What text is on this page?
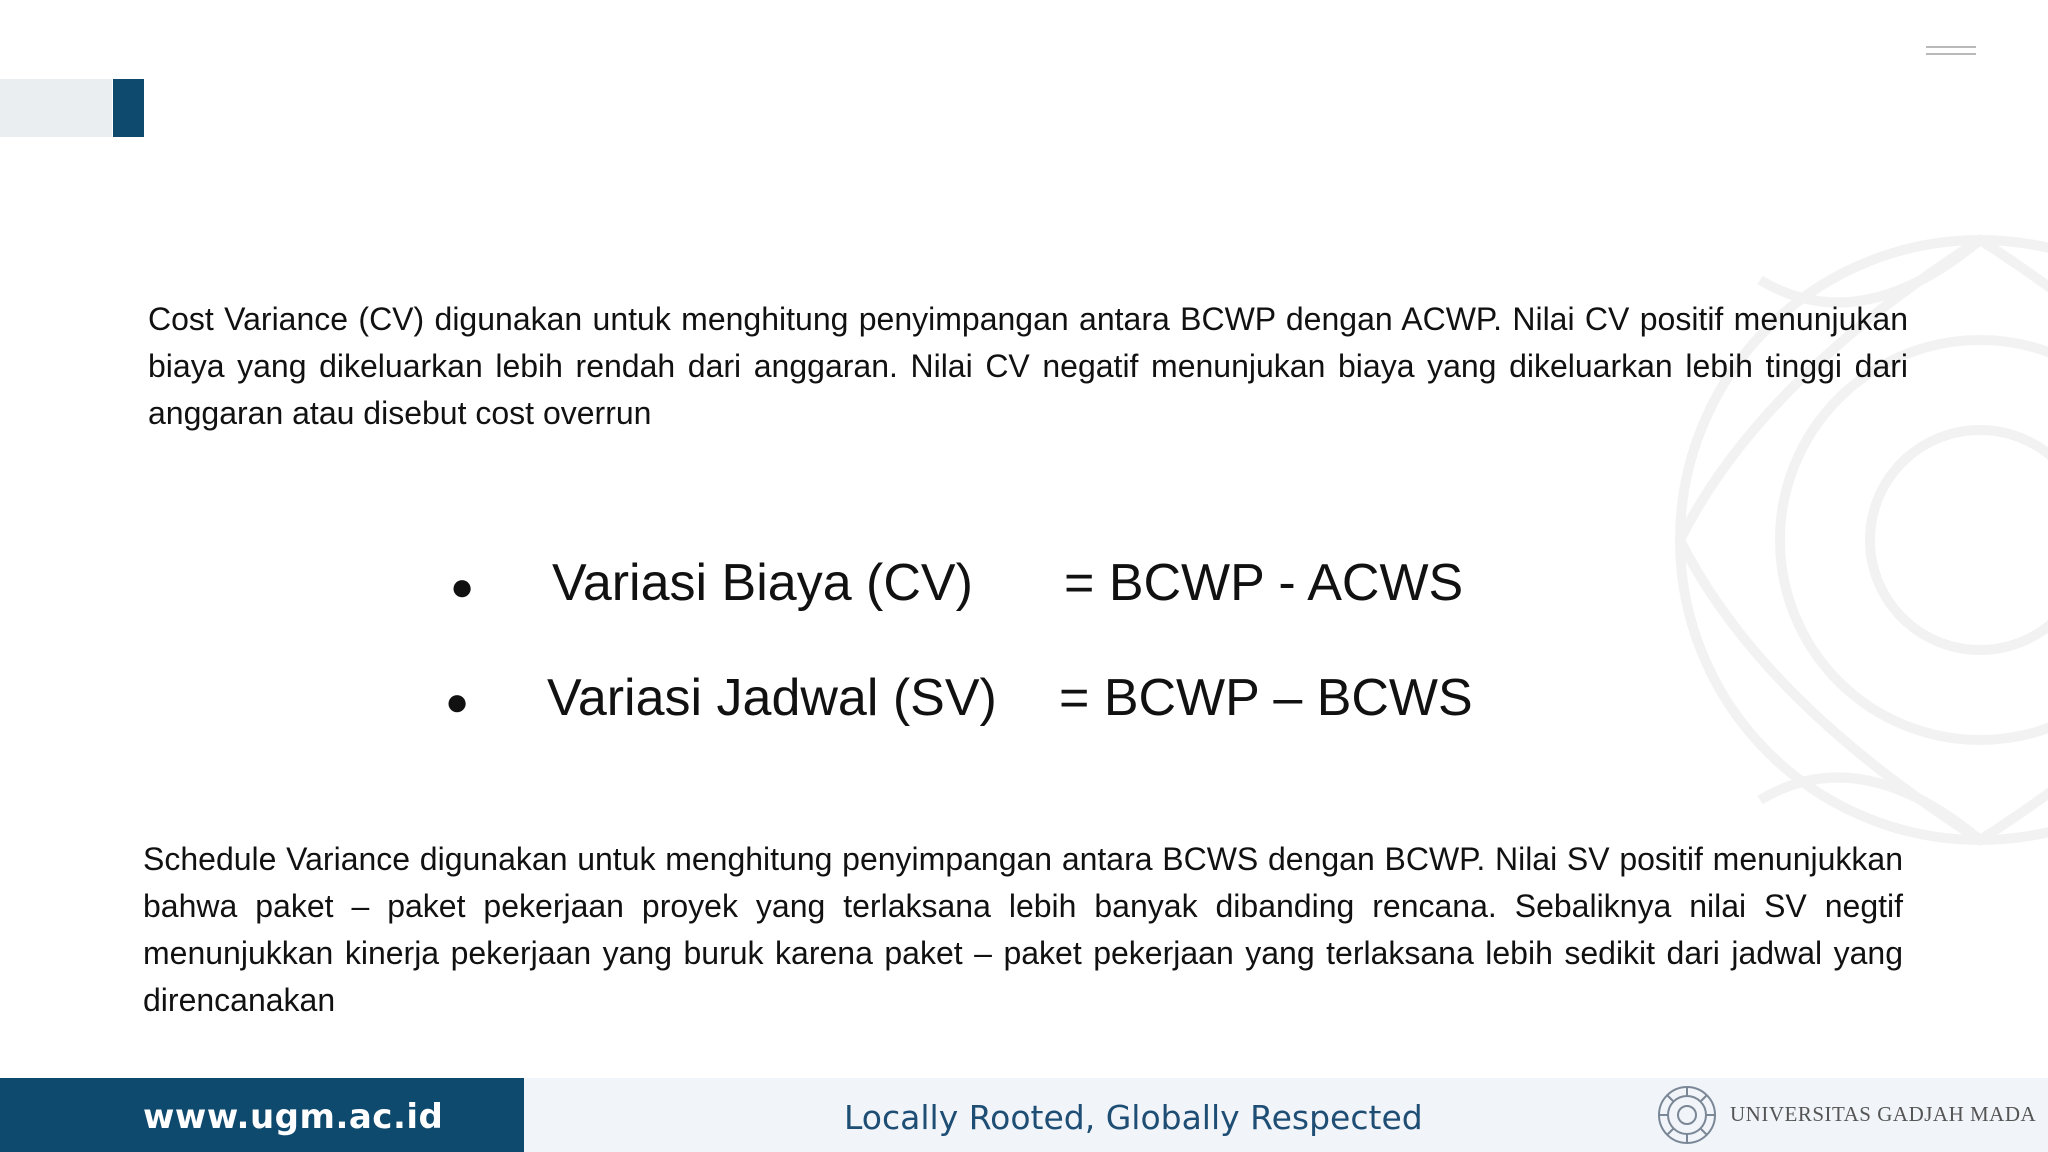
Cost Variance (CV) digunakan untuk menghitung penyimpangan antara BCWP dengan ACWP. Nilai CV positif menunjukan biaya yang dikeluarkan lebih rendah dari anggaran. Nilai CV negatif menunjukan biaya yang dikeluarkan lebih tinggi dari anggaran atau disebut cost overrun

● Variasi Biaya (CV) = BCWP - ACWS
● Variasi Jadwal (SV) = BCWP – BCWS

Schedule Variance digunakan untuk menghitung penyimpangan antara BCWS dengan BCWP. Nilai SV positif menunjukkan bahwa paket – paket pekerjaan proyek yang terlaksana lebih banyak dibanding rencana. Sebaliknya nilai SV negtif menunjukkan kinerja pekerjaan yang buruk karena paket – paket pekerjaan yang terlaksana lebih sedikit dari jadwal yang direncanakan

www.ugm.ac.id	Locally Rooted, Globally Respected	UNIVERSITAS GADJAH MADA
